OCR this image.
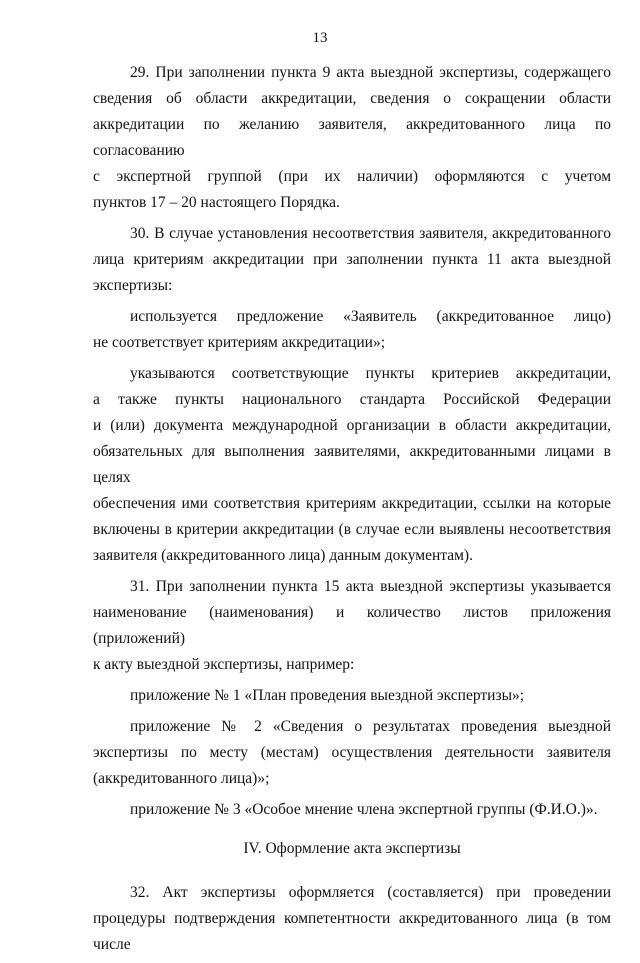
13
29. При заполнении пункта 9 акта выездной экспертизы, содержащего
сведения об области аккредитации, сведения о сокращении области
аккредитации по желанию заявителя, аккредитованного лица по согласованию
с экспертной группой (при их наличии) оформляются с учетом
пунктов 17 – 20 настоящего Порядка.
30. В случае установления несоответствия заявителя, аккредитованного
лица критериям аккредитации при заполнении пункта 11 акта выездной
экспертизы:
используется предложение «Заявитель (аккредитованное лицо)
не соответствует критериям аккредитации»;
указываются соответствующие пункты критериев аккредитации,
а также пункты национального стандарта Российской Федерации
и (или) документа международной организации в области аккредитации,
обязательных для выполнения заявителями, аккредитованными лицами в целях
обеспечения ими соответствия критериям аккредитации, ссылки на которые
включены в критерии аккредитации (в случае если выявлены несоответствия
заявителя (аккредитованного лица) данным документам).
31. При заполнении пункта 15 акта выездной экспертизы указывается
наименование (наименования) и количество листов приложения (приложений)
к акту выездной экспертизы, например:
приложение № 1 «План проведения выездной экспертизы»;
приложение № 2 «Сведения о результатах проведения выездной
экспертизы по месту (местам) осуществления деятельности заявителя
(аккредитованного лица)»;
приложение № 3 «Особое мнение члена экспертной группы (Ф.И.О.)».
IV. Оформление акта экспертизы
32. Акт экспертизы оформляется (составляется) при проведении
процедуры подтверждения компетентности аккредитованного лица (в том числе
